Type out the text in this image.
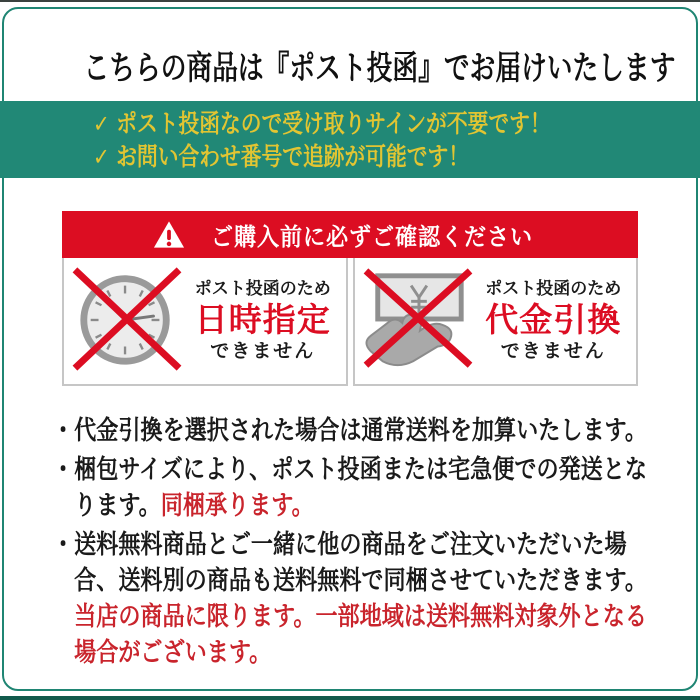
こちらの商品は『ポスト投函』でお届けいたします
✓ ポスト投函なので受け取りサインが不要です！
✓ お問い合わせ番号で追跡が可能です！
ご購入前に必ずご確認ください
ポスト投函のため
日時指定
できません
ポスト投函のため
代金引換
できません
・ 代金引換を選択された場合は通常送料を加算いたします。
・ 梱包サイズにより、ポスト投函または宅急便での発送となります。同梱承ります。
・ 送料無料商品とご一緒に他の商品をご注文いただいた場合、送料別の商品も送料無料で同梱させていただきます。当店の商品に限ります。一部地域は送料無料対象外となる場合がございます。
